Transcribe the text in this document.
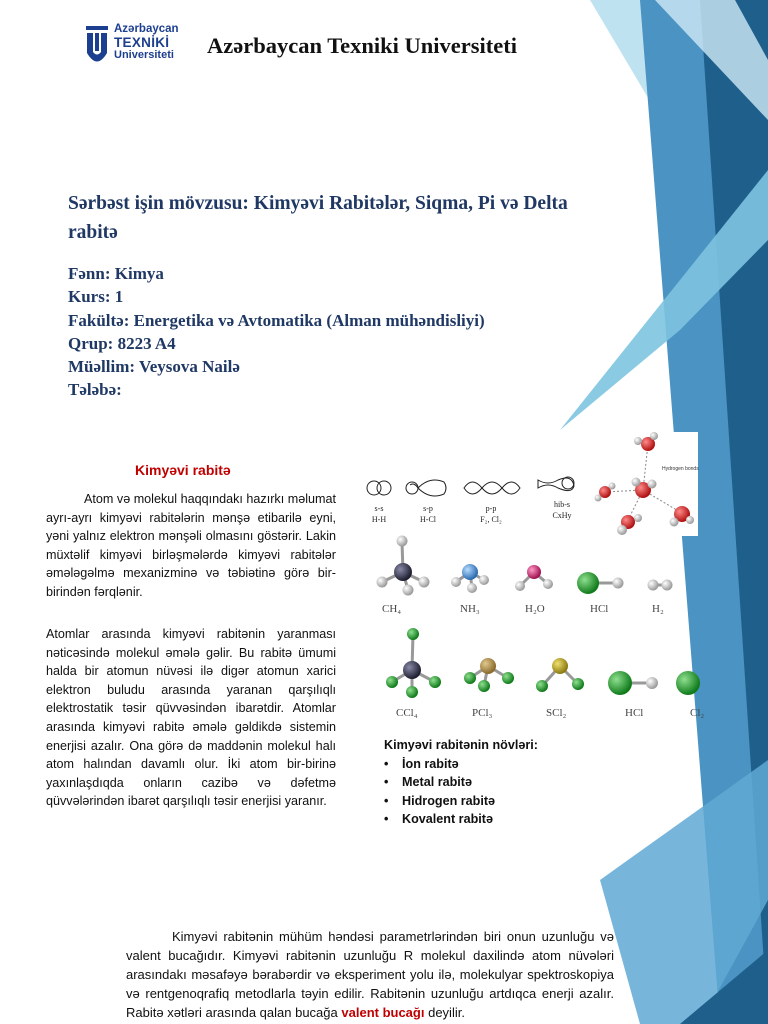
Azərbaycan
TEXNİKİ
Universiteti Azərbaycan Texniki Universiteti
Sərbəst işin mövzusu: Kimyəvi Rabitələr, Siqma, Pi və Delta rabitə
Fənn: Kimya
Kurs: 1
Fakültə: Energetika və Avtomatika (Alman mühəndisliyi)
Qrup: 8223 A4
Müəllim: Veysova Nailə
Tələbə:
Kimyəvi rabitə
Atom və molekul haqqındakı hazırkı məlumat ayrı-ayrı kimyəvi rabitələrin mənşə etibarilə eyni, yəni yalnız elektron mənşəli olmasını göstərir. Lakin müxtəlif kimyəvi birləşmələrdə kimyəvi rabitələr əmələgəlmə mexanizminə və təbiətinə görə bir-birindən fərqlənir.
Atomlar arasında kimyəvi rabitənin yaranması nəticəsində molekul əmələ gəlir. Bu rabitə ümumi halda bir atomun nüvəsi ilə digər atomun xarici elektron buludu arasında yaranan qarşılıqlı elektrostatik təsir qüvvəsindən ibarətdir. Atomlar arasında kimyəvi rabitə əmələ gəldikdə sistemin enerjisi azalır. Ona görə də maddənin molekul halı atom halından davamlı olur. İki atom bir-birinə yaxınlaşdıqda onların cazibə və dəfetmə qüvvələrindən ibarət qarşılıqlı təsir enerjisi yaranır.
s-s
H-H
s-p
H-Cl
p-p
F₂, Cl₂
hib-s
CxHy
Hydrogen bonds
CH₄	NH₃	H₂O	HCl	H₂
CCl₄	PCl₃	SCl₂	HCl	Cl₂
Kimyəvi rabitənin növləri:
• İon rabitə
• Metal rabitə
• Hidrogen rabitə
• Kovalent rabitə
Kimyəvi rabitənin mühüm həndəsi parametrlərindən biri onun uzunluğu və valent bucağıdır. Kimyəvi rabitənin uzunluğu R molekul daxilində atom nüvələri arasındakı məsafəyə bərabərdir və eksperiment yolu ilə, molekulyar spektroskopiya və rentgenoqrafiq metodlarla təyin edilir. Rabitənin uzunluğu artdıqca enerji azalır. Rabitə xətləri arasında qalan bucağa valent bucağı deyilir.
